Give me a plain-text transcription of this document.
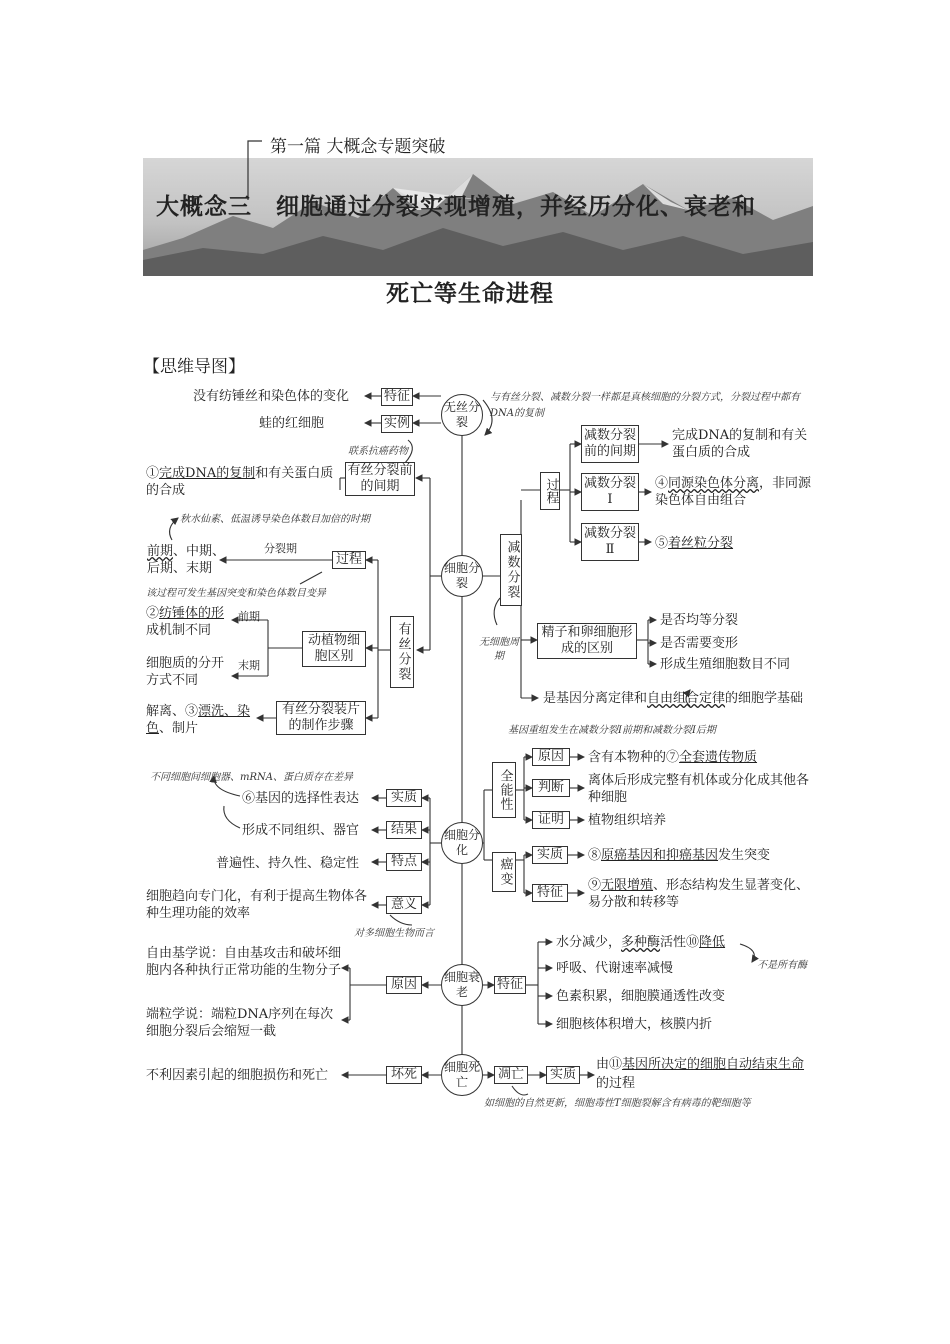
第一篇 大概念专题突破
大概念三　细胞通过分裂实现增殖，并经历分化、衰老和
死亡等生命进程
【思维导图】
无丝分裂
特征
实例
没有纺锤丝和染色体的变化
蛙的红细胞
与有丝分裂、减数分裂一样都是真核细胞的分裂方式，分裂过程中都有DNA的复制
有丝分裂前的间期
联系抗癌药物
①完成DNA的复制和有关蛋白质的合成
秋水仙素、低温诱导染色体数目加倍的时期
过程
分裂期
前期、中期、
后期、末期
该过程可发生基因突变和染色体数目变异
动植物细胞区别
前期
末期
②纺锤体的形
成机制不同
细胞质的分开方式不同	有丝分裂
有丝分裂装片的制作步骤
解离、③漂洗、染
色、制片
细胞分裂	减数分裂
过程
减数分裂前的间期
完成DNA的复制和有关蛋白质的合成
减数分裂Ⅰ
④同源染色体分离，非同源染色体自由组合
减数分裂Ⅱ	⑤着丝粒分裂
无细胞周期
精子和卵细胞形成的区别
是否均等分裂
是否需要变形
形成生殖细胞数目不同
是基因分离定律和自由组合定律的细胞学基础
基因重组发生在减数分裂Ⅰ前期和减数分裂Ⅰ后期
细胞分化
不同细胞间细胞器、mRNA、蛋白质存在差异
实质
⑥基因的选择性表达
结果
形成不同组织、器官
特点
普遍性、持久性、稳定性
意义
细胞趋向专门化，有利于提高生物体各种生理功能的效率
对多细胞生物而言
全能性
原因	含有本物种的⑦全套遗传物质
判断	离体后形成完整有机体或分化成其他各种细胞
证明	植物组织培养
癌变
实质	⑧原癌基因和抑癌基因发生突变
特征	⑨无限增殖、形态结构发生显著变化、易分散和转移等
细胞衰老
原因
自由基学说：自由基攻击和破坏细胞内各种执行正常功能的生物分子
端粒学说：端粒DNA序列在每次细胞分裂后会缩短一截
特征
水分减少，多种酶活性⑩降低
不是所有酶
呼吸、代谢速率减慢
色素积累，细胞膜通透性改变
细胞核体积增大，核膜内折
细胞死亡
坏死
不利因素引起的细胞损伤和死亡	凋亡	实质
由⑪基因所决定的细胞自动结束生命
的过程
如细胞的自然更新，细胞毒性T细胞裂解含有病毒的靶细胞等
